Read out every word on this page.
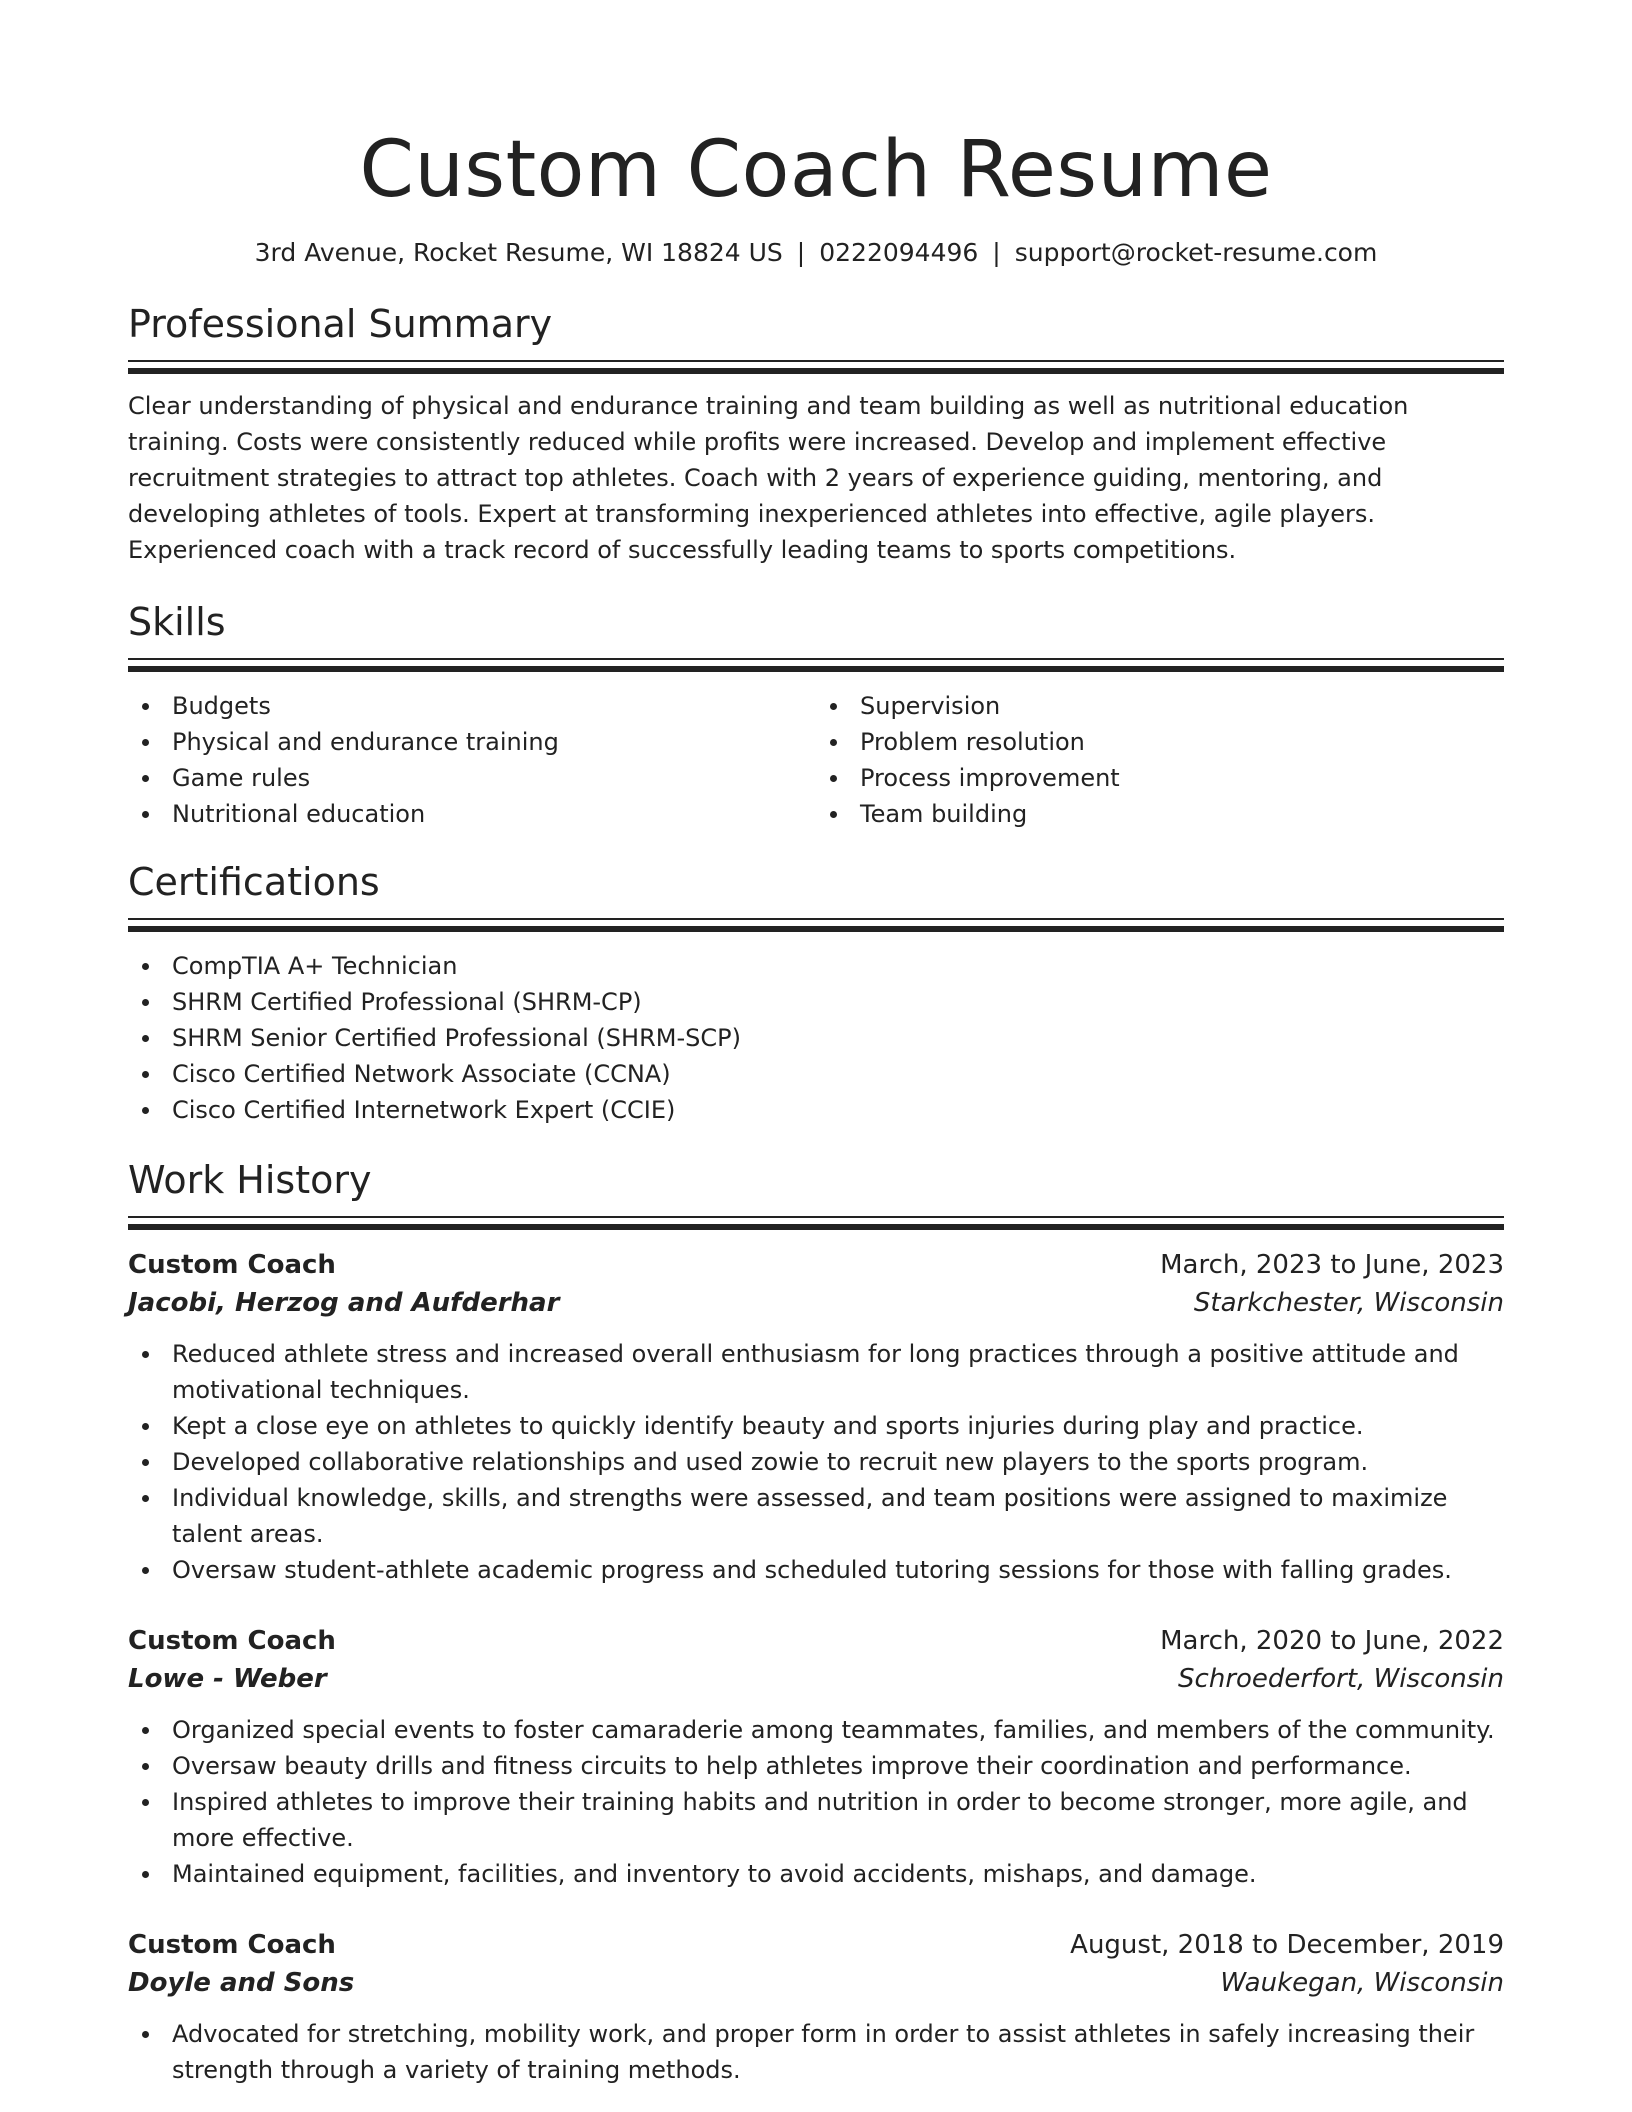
Custom Coach Resume
3rd Avenue, Rocket Resume, WI 18824 US | 0222094496 | support@rocket-resume.com
Professional Summary

Clear understanding of physical and endurance training and team building as well as nutritional education training. Costs were consistently reduced while profits were increased. Develop and implement effective recruitment strategies to attract top athletes. Coach with 2 years of experience guiding, mentoring, and developing athletes of tools. Expert at transforming inexperienced athletes into effective, agile players. Experienced coach with a track record of successfully leading teams to sports competitions.

Skills
Budgets
Physical and endurance training
Game rules
Nutritional education
Supervision
Problem resolution
Process improvement
Team building
Certifications
CompTIA A+ Technician
SHRM Certified Professional (SHRM-CP)
SHRM Senior Certified Professional (SHRM-SCP)
Cisco Certified Network Associate (CCNA)
Cisco Certified Internetwork Expert (CCIE)
Work History
Custom Coach	March, 2023 to June, 2023
Jacobi, Herzog and Aufderhar	Starkchester, Wisconsin
Reduced athlete stress and increased overall enthusiasm for long practices through a positive attitude and motivational techniques.
Kept a close eye on athletes to quickly identify beauty and sports injuries during play and practice.
Developed collaborative relationships and used zowie to recruit new players to the sports program.
Individual knowledge, skills, and strengths were assessed, and team positions were assigned to maximize talent areas.
Oversaw student-athlete academic progress and scheduled tutoring sessions for those with falling grades.
Custom Coach	March, 2020 to June, 2022
Lowe - Weber	Schroederfort, Wisconsin
Organized special events to foster camaraderie among teammates, families, and members of the community.
Oversaw beauty drills and fitness circuits to help athletes improve their coordination and performance.
Inspired athletes to improve their training habits and nutrition in order to become stronger, more agile, and more effective.
Maintained equipment, facilities, and inventory to avoid accidents, mishaps, and damage.
Custom Coach	August, 2018 to December, 2019
Doyle and Sons	Waukegan, Wisconsin
Advocated for stretching, mobility work, and proper form in order to assist athletes in safely increasing their strength through a variety of training methods.
